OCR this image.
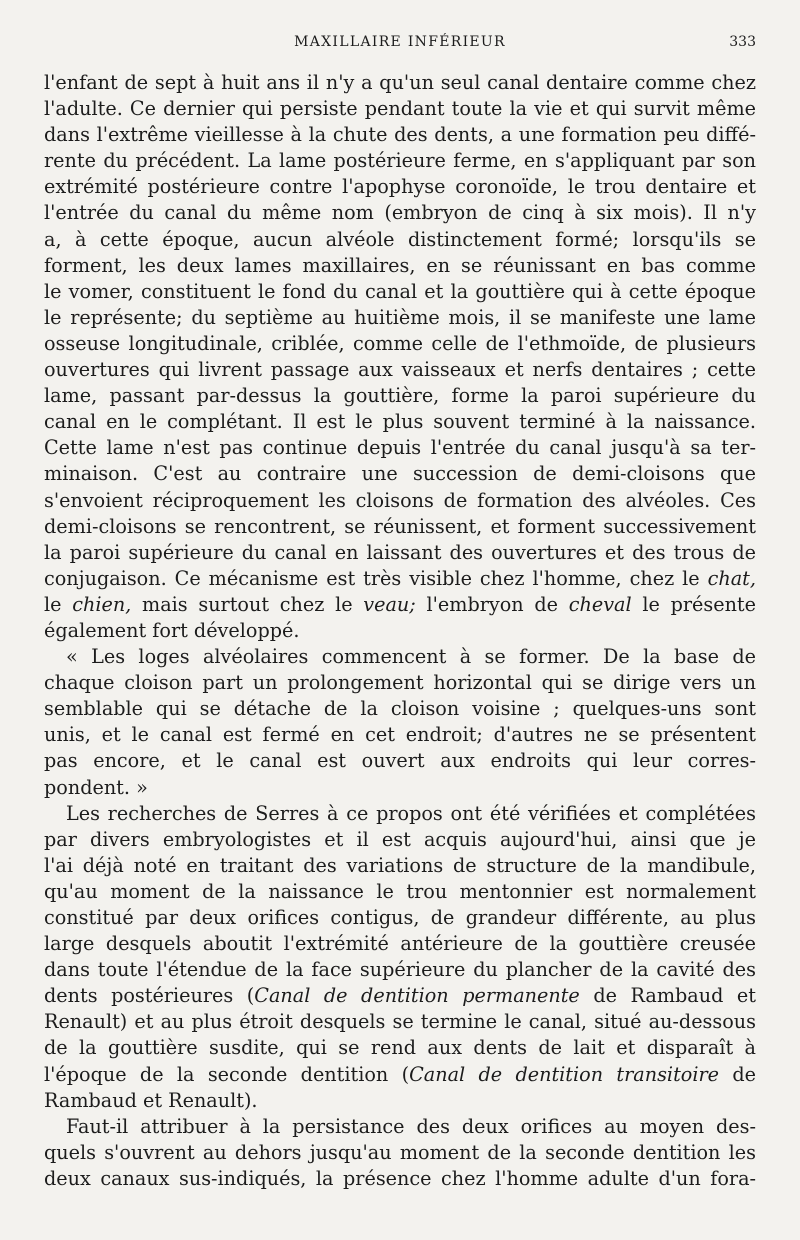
MAXILLAIRE INFÉRIEUR	333
l'enfant de sept à huit ans il n'y a qu'un seul canal dentaire comme chez
l'adulte. Ce dernier qui persiste pendant toute la vie et qui survit même
dans l'extrême vieillesse à la chute des dents, a une formation peu diffé-
rente du précédent. La lame postérieure ferme, en s'appliquant par son
extrémité postérieure contre l'apophyse coronoïde, le trou dentaire et
l'entrée du canal du même nom (embryon de cinq à six mois). Il n'y
a, à cette époque, aucun alvéole distinctement formé; lorsqu'ils se
forment, les deux lames maxillaires, en se réunissant en bas comme
le vomer, constituent le fond du canal et la gouttière qui à cette époque
le représente; du septième au huitième mois, il se manifeste une lame
osseuse longitudinale, criblée, comme celle de l'ethmoïde, de plusieurs
ouvertures qui livrent passage aux vaisseaux et nerfs dentaires ; cette
lame, passant par-dessus la gouttière, forme la paroi supérieure du
canal en le complétant. Il est le plus souvent terminé à la naissance.
Cette lame n'est pas continue depuis l'entrée du canal jusqu'à sa ter-
minaison. C'est au contraire une succession de demi-cloisons que
s'envoient réciproquement les cloisons de formation des alvéoles. Ces
demi-cloisons se rencontrent, se réunissent, et forment successivement
la paroi supérieure du canal en laissant des ouvertures et des trous de
conjugaison. Ce mécanisme est très visible chez l'homme, chez le chat,
le chien, mais surtout chez le veau; l'embryon de cheval le présente
également fort développé.
« Les loges alvéolaires commencent à se former. De la base de
chaque cloison part un prolongement horizontal qui se dirige vers un
semblable qui se détache de la cloison voisine ; quelques-uns sont
unis, et le canal est fermé en cet endroit; d'autres ne se présentent
pas encore, et le canal est ouvert aux endroits qui leur corres-
pondent. »
Les recherches de Serres à ce propos ont été vérifiées et complétées
par divers embryologistes et il est acquis aujourd'hui, ainsi que je
l'ai déjà noté en traitant des variations de structure de la mandibule,
qu'au moment de la naissance le trou mentonnier est normalement
constitué par deux orifices contigus, de grandeur différente, au plus
large desquels aboutit l'extrémité antérieure de la gouttière creusée
dans toute l'étendue de la face supérieure du plancher de la cavité des
dents postérieures (Canal de dentition permanente de Rambaud et
Renault) et au plus étroit desquels se termine le canal, situé au-dessous
de la gouttière susdite, qui se rend aux dents de lait et disparaît à
l'époque de la seconde dentition (Canal de dentition transitoire de
Rambaud et Renault).
Faut-il attribuer à la persistance des deux orifices au moyen des-
quels s'ouvrent au dehors jusqu'au moment de la seconde dentition les
deux canaux sus-indiqués, la présence chez l'homme adulte d'un fora-
